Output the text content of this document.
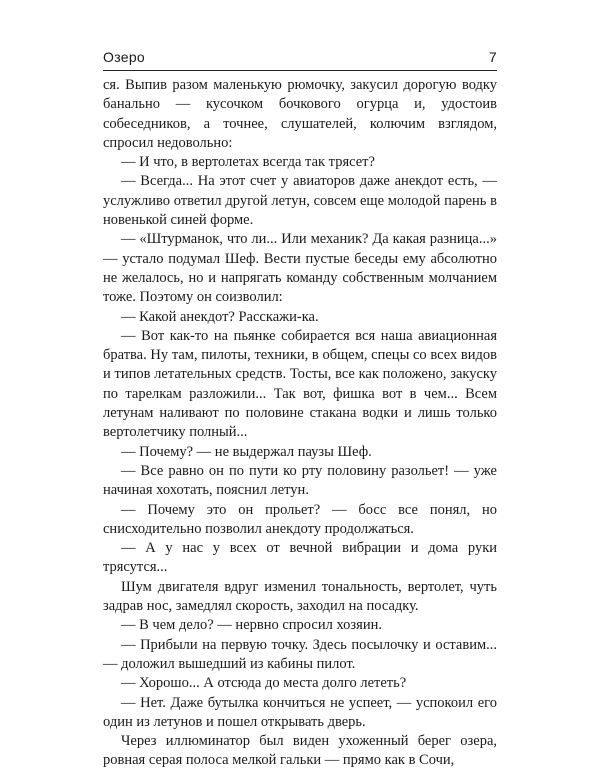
Озеро	7

ся. Выпив разом маленькую рюмочку, закусил дорогую водку банально — кусочком бочкового огурца и, удостоив собеседников, а точнее, слушателей, колючим взглядом, спросил недовольно:

— И что, в вертолетах всегда так трясет?

— Всегда... На этот счет у авиаторов даже анекдот есть, — услужливо ответил другой летун, совсем еще молодой парень в новенькой синей форме.

— «Штурманок, что ли... Или механик? Да какая разница...» — устало подумал Шеф. Вести пустые беседы ему абсолютно не желалось, но и напрягать команду собственным молчанием тоже. Поэтому он соизволил:

— Какой анекдот? Расскажи-ка.

— Вот как-то на пьянке собирается вся наша авиационная братва. Ну там, пилоты, техники, в общем, спецы со всех видов и типов летательных средств. Тосты, все как положено, закуску по тарелкам разложили... Так вот, фишка вот в чем... Всем летунам наливают по половине стакана водки и лишь только вертолетчику полный...

— Почему? — не выдержал паузы Шеф.

— Все равно он по пути ко рту половину разольет! — уже начиная хохотать, пояснил летун.

— Почему это он прольет? — босс все понял, но снисходительно позволил анекдоту продолжаться.

— А у нас у всех от вечной вибрации и дома руки трясутся...

Шум двигателя вдруг изменил тональность, вертолет, чуть задрав нос, замедлял скорость, заходил на посадку.

— В чем дело? — нервно спросил хозяин.

— Прибыли на первую точку. Здесь посылочку и оставим... — доложил вышедший из кабины пилот.

— Хорошо... А отсюда до места долго лететь?

— Нет. Даже бутылка кончиться не успеет, — успокоил его один из летунов и пошел открывать дверь.

Через иллюминатор был виден ухоженный берег озера, ровная серая полоса мелкой гальки — прямо как в Сочи,
